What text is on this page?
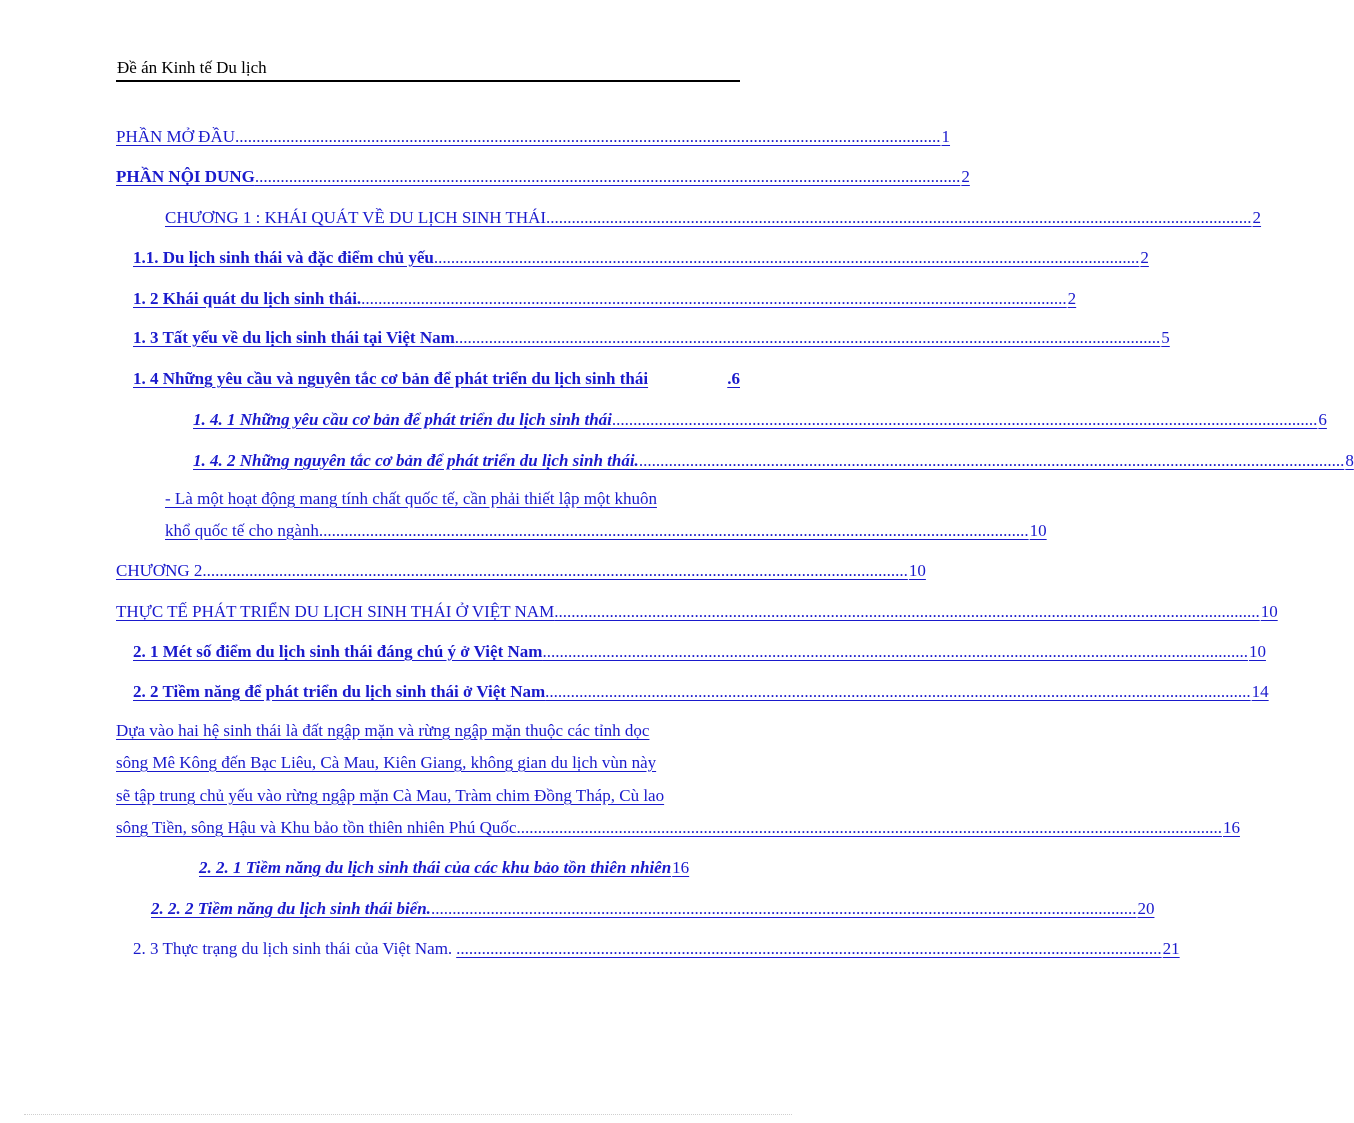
Đề án Kinh tế Du lịch
PHẦN MỞ ĐẦU ...................................................................................................................................................................... 1
PHẦN NỘI DUNG ...................................................................................................................................................................... 2
CHƯƠNG 1 : KHÁI QUÁT VỀ DU LỊCH SINH THÁI ...................................................................................................................................................................... 2
1.1. Du lịch sinh thái và đặc điểm chủ yếu ...................................................................................................................................................................... 2
1. 2 Khái quát du lịch sinh thái. ...................................................................................................................................................................... 2
1. 3 Tất yếu về du lịch sinh thái tại Việt Nam ...................................................................................................................................................................... 5
1. 4 Những yêu cầu và nguyên tắc cơ bản để phát triển du lịch sinh thái	.6
1. 4. 1 Những yêu cầu cơ bản để phát triển du lịch sinh thái ...................................................................................................................................................................... 6
1. 4. 2 Những nguyên tắc cơ bản để phát triển du lịch sinh thái. ...................................................................................................................................................................... 8
- Là một hoạt động mang tính chất quốc tế, cần phải thiết lập một khuôn
khổ quốc tế cho ngành. ...................................................................................................................................................................... 10
CHƯƠNG 2 ...................................................................................................................................................................... 10
THỰC TẾ PHÁT TRIỂN DU LỊCH SINH THÁI Ở VIỆT NAM ...................................................................................................................................................................... 10
2. 1 Mét số điểm du lịch sinh thái đáng chú ý ở Việt Nam ...................................................................................................................................................................... 10
2. 2 Tiềm năng để phát triển du lịch sinh thái ở Việt Nam ...................................................................................................................................................................... 14
Dựa vào hai hệ sinh thái là đất ngập mặn và rừng ngập mặn thuộc các tỉnh dọc
sông Mê Kông đến Bạc Liêu, Cà Mau, Kiên Giang, không gian du lịch vùn này
sẽ tập trung chủ yếu vào rừng ngập mặn Cà Mau, Tràm chim Đồng Tháp, Cù lao
sông Tiền, sông Hậu và Khu bảo tồn thiên nhiên Phú Quốc ...................................................................................................................................................................... 16
2. 2. 1 Tiềm năng du lịch sinh thái của các khu bảo tồn thiên nhiên 16
2. 2. 2 Tiềm năng du lịch sinh thái biển. ...................................................................................................................................................................... 20
2. 3 Thực trạng du lịch sinh thái của Việt Nam. ...................................................................................................................................................................... 21
